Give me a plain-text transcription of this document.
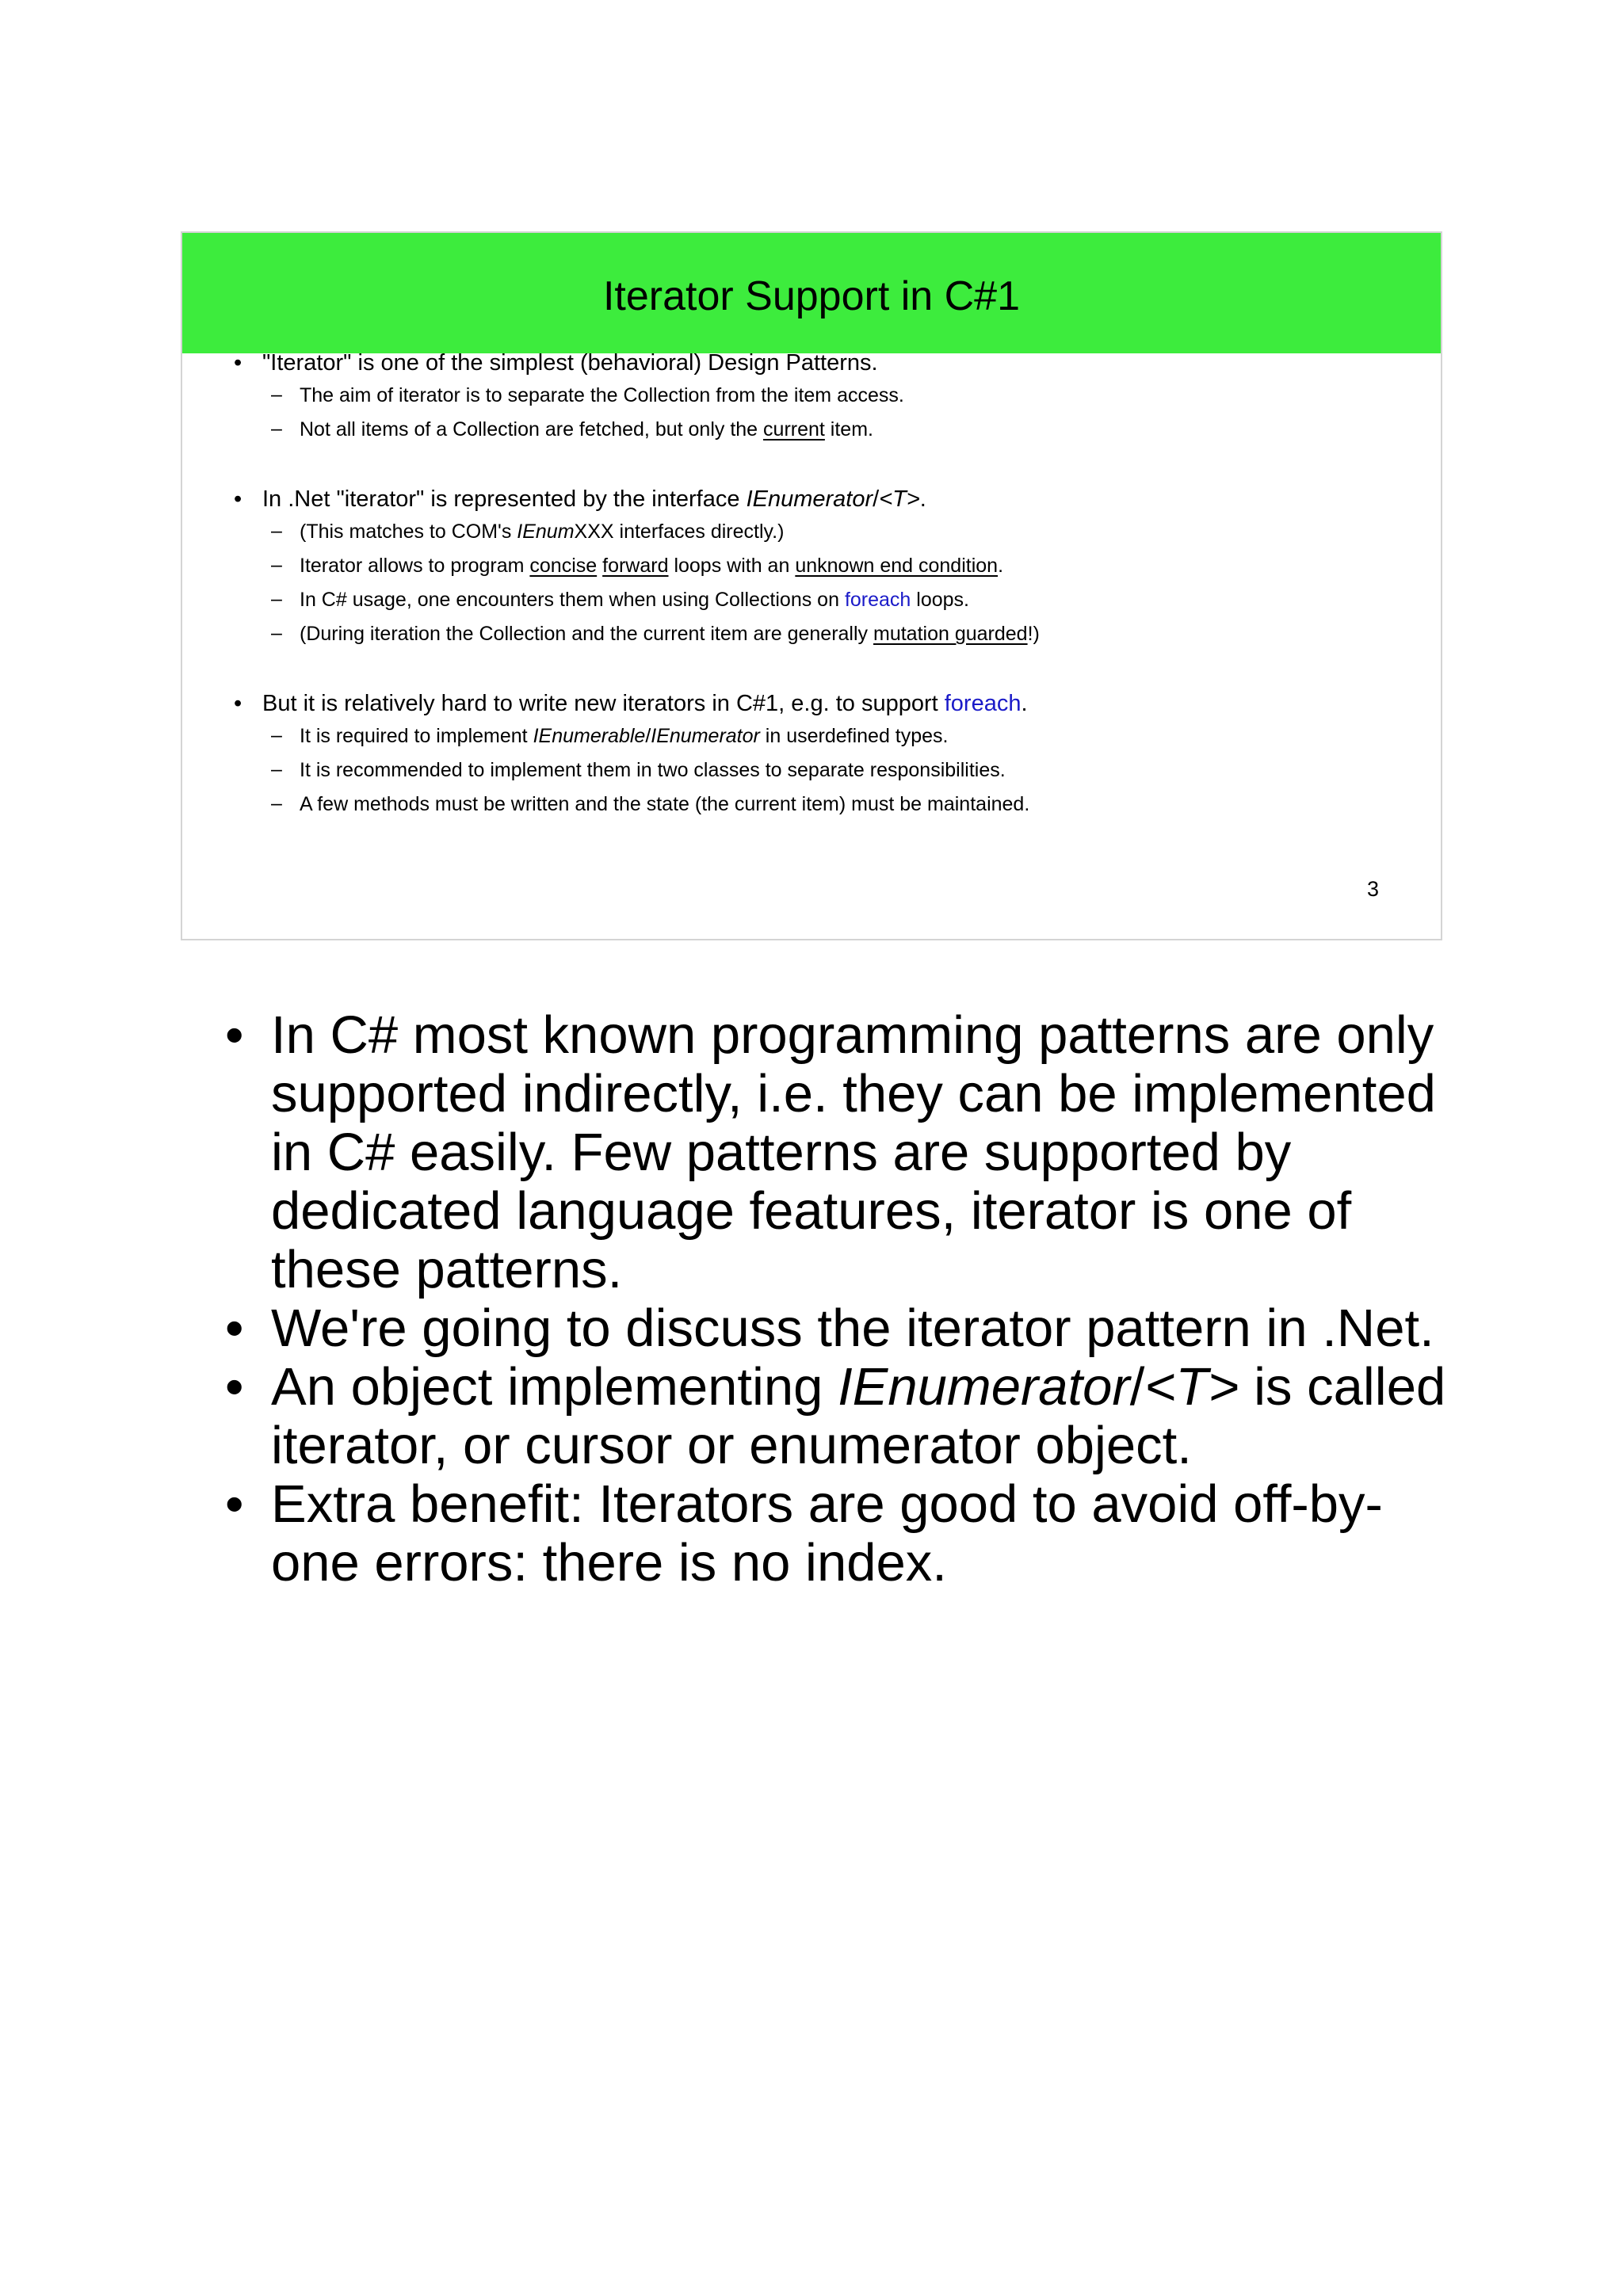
Iterator Support in C#1
• "Iterator" is one of the simplest (behavioral) Design Patterns.
– The aim of iterator is to separate the Collection from the item access.
– Not all items of a Collection are fetched, but only the current item.
• In .Net "iterator" is represented by the interface IEnumerator/<T>.
– (This matches to COM's IEnumXXX interfaces directly.)
– Iterator allows to program concise forward loops with an unknown end condition.
– In C# usage, one encounters them when using Collections on foreach loops.
– (During iteration the Collection and the current item are generally mutation guarded!)
• But it is relatively hard to write new iterators in C#1, e.g. to support foreach.
– It is required to implement IEnumerable/IEnumerator in userdefined types.
– It is recommended to implement them in two classes to separate responsibilities.
– A few methods must be written and the state (the current item) must be maintained.
3
• In C# most known programming patterns are only supported indirectly, i.e. they can be implemented in C# easily. Few patterns are supported by dedicated language features, iterator is one of these patterns.
• We're going to discuss the iterator pattern in .Net.
• An object implementing IEnumerator/<T> is called iterator, or cursor or enumerator object.
• Extra benefit: Iterators are good to avoid off-by-one errors: there is no index.
